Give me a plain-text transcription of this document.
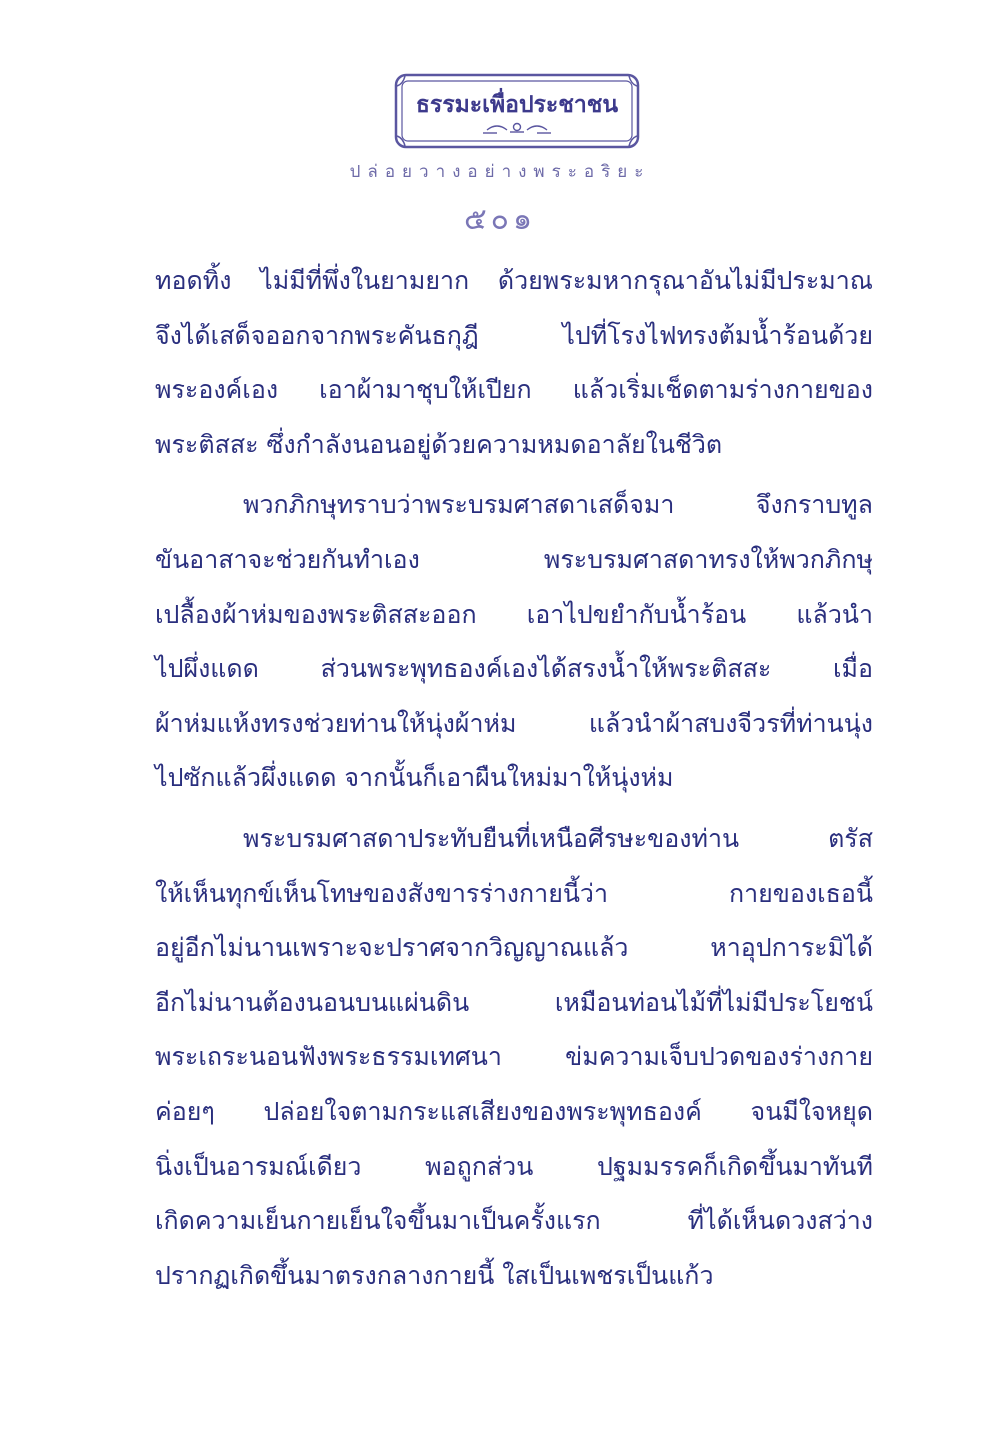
ธรรมะเพื่อประชาชน
ปล่อยวางอย่างพระอริยะ
๕๐๑
ทอดทิ้ง ไม่มีที่พึ่งในยามยาก ด้วยพระมหากรุณาอันไม่มีประมาณ
จึงได้เสด็จออกจากพระคันธกุฎี ไปที่โรงไฟทรงต้มน้ำร้อนด้วย
พระองค์เอง เอาผ้ามาชุบให้เปียก แล้วเริ่มเช็ดตามร่างกายของ
พระติสสะ ซึ่งกำลังนอนอยู่ด้วยความหมดอาลัยในชีวิต
พวกภิกษุทราบว่าพระบรมศาสดาเสด็จมา จึงกราบทูล
ขันอาสาจะช่วยกันทำเอง พระบรมศาสดาทรงให้พวกภิกษุ
เปลื้องผ้าห่มของพระติสสะออก เอาไปขยำกับน้ำร้อน แล้วนำ
ไปผึ่งแดด ส่วนพระพุทธองค์เองได้สรงน้ำให้พระติสสะ เมื่อ
ผ้าห่มแห้งทรงช่วยท่านให้นุ่งผ้าห่ม แล้วนำผ้าสบงจีวรที่ท่านนุ่ง
ไปซักแล้วผึ่งแดด จากนั้นก็เอาผืนใหม่มาให้นุ่งห่ม
พระบรมศาสดาประทับยืนที่เหนือศีรษะของท่าน ตรัส
ให้เห็นทุกข์เห็นโทษของสังขารร่างกายนี้ว่า กายของเธอนี้
อยู่อีกไม่นานเพราะจะปราศจากวิญญาณแล้ว หาอุปการะมิได้
อีกไม่นานต้องนอนบนแผ่นดิน เหมือนท่อนไม้ที่ไม่มีประโยชน์
พระเถระนอนฟังพระธรรมเทศนา ข่มความเจ็บปวดของร่างกาย
ค่อยๆ ปล่อยใจตามกระแสเสียงของพระพุทธองค์ จนมีใจหยุด
นิ่งเป็นอารมณ์เดียว พอถูกส่วน ปฐมมรรคก็เกิดขึ้นมาทันที
เกิดความเย็นกายเย็นใจขึ้นมาเป็นครั้งแรก ที่ได้เห็นดวงสว่าง
ปรากฏเกิดขึ้นมาตรงกลางกายนี้ ใสเป็นเพชรเป็นแก้ว
